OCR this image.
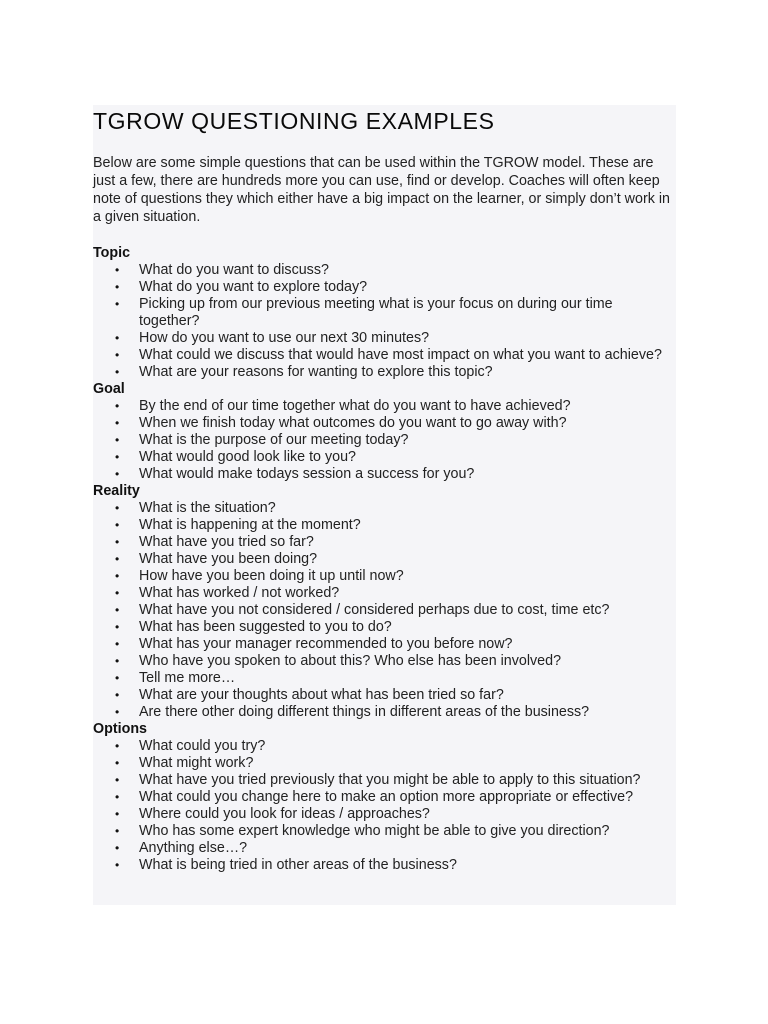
TGROW QUESTIONING EXAMPLES

Below are some simple questions that can be used within the TGROW model. These are just a few, there are hundreds more you can use, find or develop. Coaches will often keep note of questions they which either have a big impact on the learner, or simply don’t work in a given situation.

Topic
• What do you want to discuss?
• What do you want to explore today?
• Picking up from our previous meeting what is your focus on during our time together?
• How do you want to use our next 30 minutes?
• What could we discuss that would have most impact on what you want to achieve?
• What are your reasons for wanting to explore this topic?
Goal
• By the end of our time together what do you want to have achieved?
• When we finish today what outcomes do you want to go away with?
• What is the purpose of our meeting today?
• What would good look like to you?
• What would make todays session a success for you?
Reality
• What is the situation?
• What is happening at the moment?
• What have you tried so far?
• What have you been doing?
• How have you been doing it up until now?
• What has worked / not worked?
• What have you not considered / considered perhaps due to cost, time etc?
• What has been suggested to you to do?
• What has your manager recommended to you before now?
• Who have you spoken to about this? Who else has been involved?
• Tell me more…
• What are your thoughts about what has been tried so far?
• Are there other doing different things in different areas of the business?
Options
• What could you try?
• What might work?
• What have you tried previously that you might be able to apply to this situation?
• What could you change here to make an option more appropriate or effective?
• Where could you look for ideas / approaches?
• Who has some expert knowledge who might be able to give you direction?
• Anything else…?
• What is being tried in other areas of the business?
